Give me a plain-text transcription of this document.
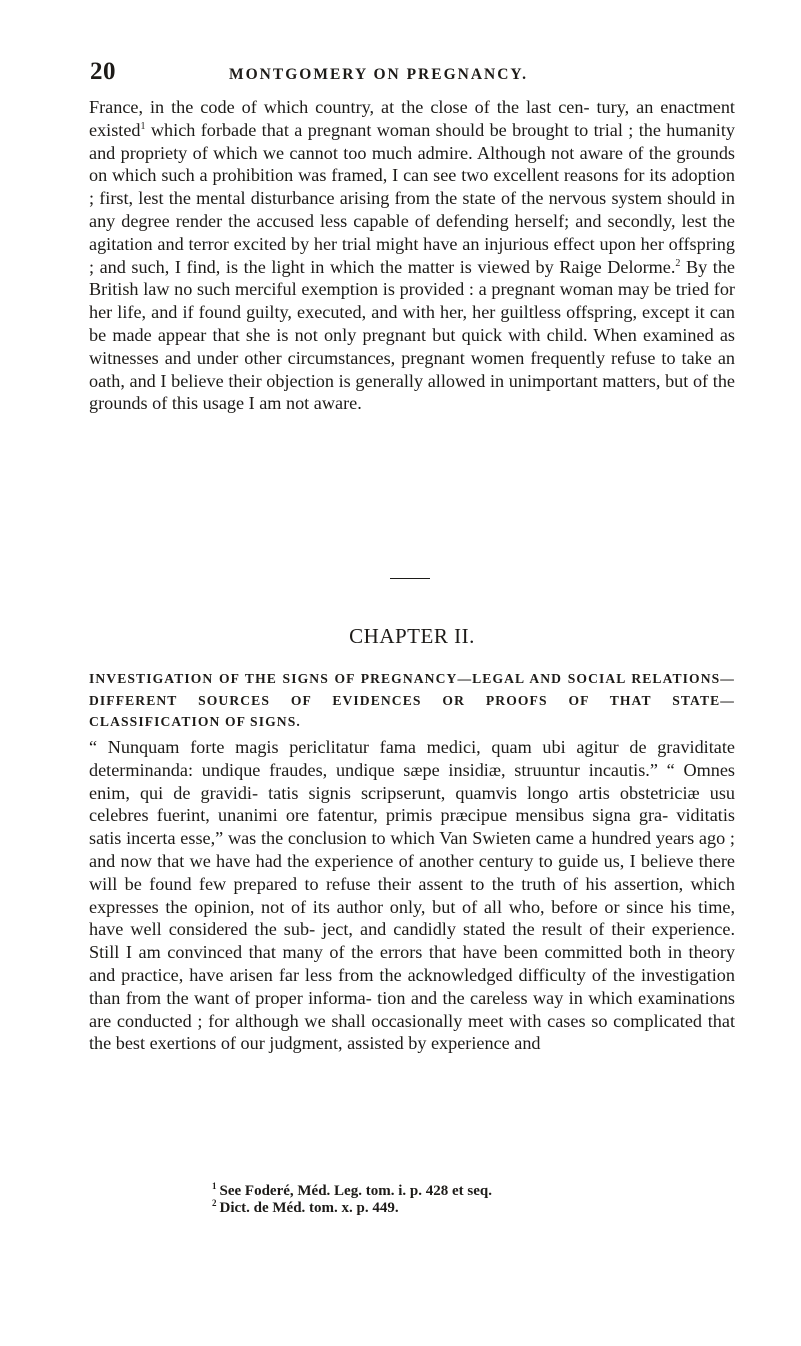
20	MONTGOMERY ON PREGNANCY.

France, in the code of which country, at the close of the last cen- tury, an enactment existed$^1$ which forbade that a pregnant woman should be brought to trial ; the humanity and propriety of which we cannot too much admire. Although not aware of the grounds on which such a prohibition was framed, I can see two excellent reasons for its adoption ; first, lest the mental disturbance arising from the state of the nervous system should in any degree render the accused less capable of defending herself; and secondly, lest the agitation and terror excited by her trial might have an injurious effect upon her offspring ; and such, I find, is the light in which the matter is viewed by Raige Delorme.$^2$ By the British law no such merciful exemption is provided : a pregnant woman may be tried for her life, and if found guilty, executed, and with her, her guiltless offspring, except it can be made appear that she is not only pregnant but quick with child. When examined as witnesses and under other circumstances, pregnant women frequently refuse to take an oath, and I believe their objection is generally allowed in unimportant matters, but of the grounds of this usage I am not aware.

CHAPTER II.

INVESTIGATION OF THE SIGNS OF PREGNANCY—LEGAL AND SOCIAL RELATIONS—DIFFERENT SOURCES OF EVIDENCES OR PROOFS OF THAT STATE—CLASSIFICATION OF SIGNS.

“ Nunquam forte magis periclitatur fama medici, quam ubi agitur de graviditate determinanda: undique fraudes, undique sæpe insidiæ, struuntur incautis.” “ Omnes enim, qui de gravidi- tatis signis scripserunt, quamvis longo artis obstetriciæ usu celebres fuerint, unanimi ore fatentur, primis præcipue mensibus signa gra- viditatis satis incerta esse,” was the conclusion to which Van Swieten came a hundred years ago ; and now that we have had the experience of another century to guide us, I believe there will be found few prepared to refuse their assent to the truth of his assertion, which expresses the opinion, not of its author only, but of all who, before or since his time, have well considered the sub- ject, and candidly stated the result of their experience. Still I am convinced that many of the errors that have been committed both in theory and practice, have arisen far less from the acknowledged difficulty of the investigation than from the want of proper informa- tion and the careless way in which examinations are conducted ; for although we shall occasionally meet with cases so complicated that the best exertions of our judgment, assisted by experience and

$^1$ See Foderé, Méd. Leg. tom. i. p. 428 et seq.
$^2$ Dict. de Méd. tom. x. p. 449.
